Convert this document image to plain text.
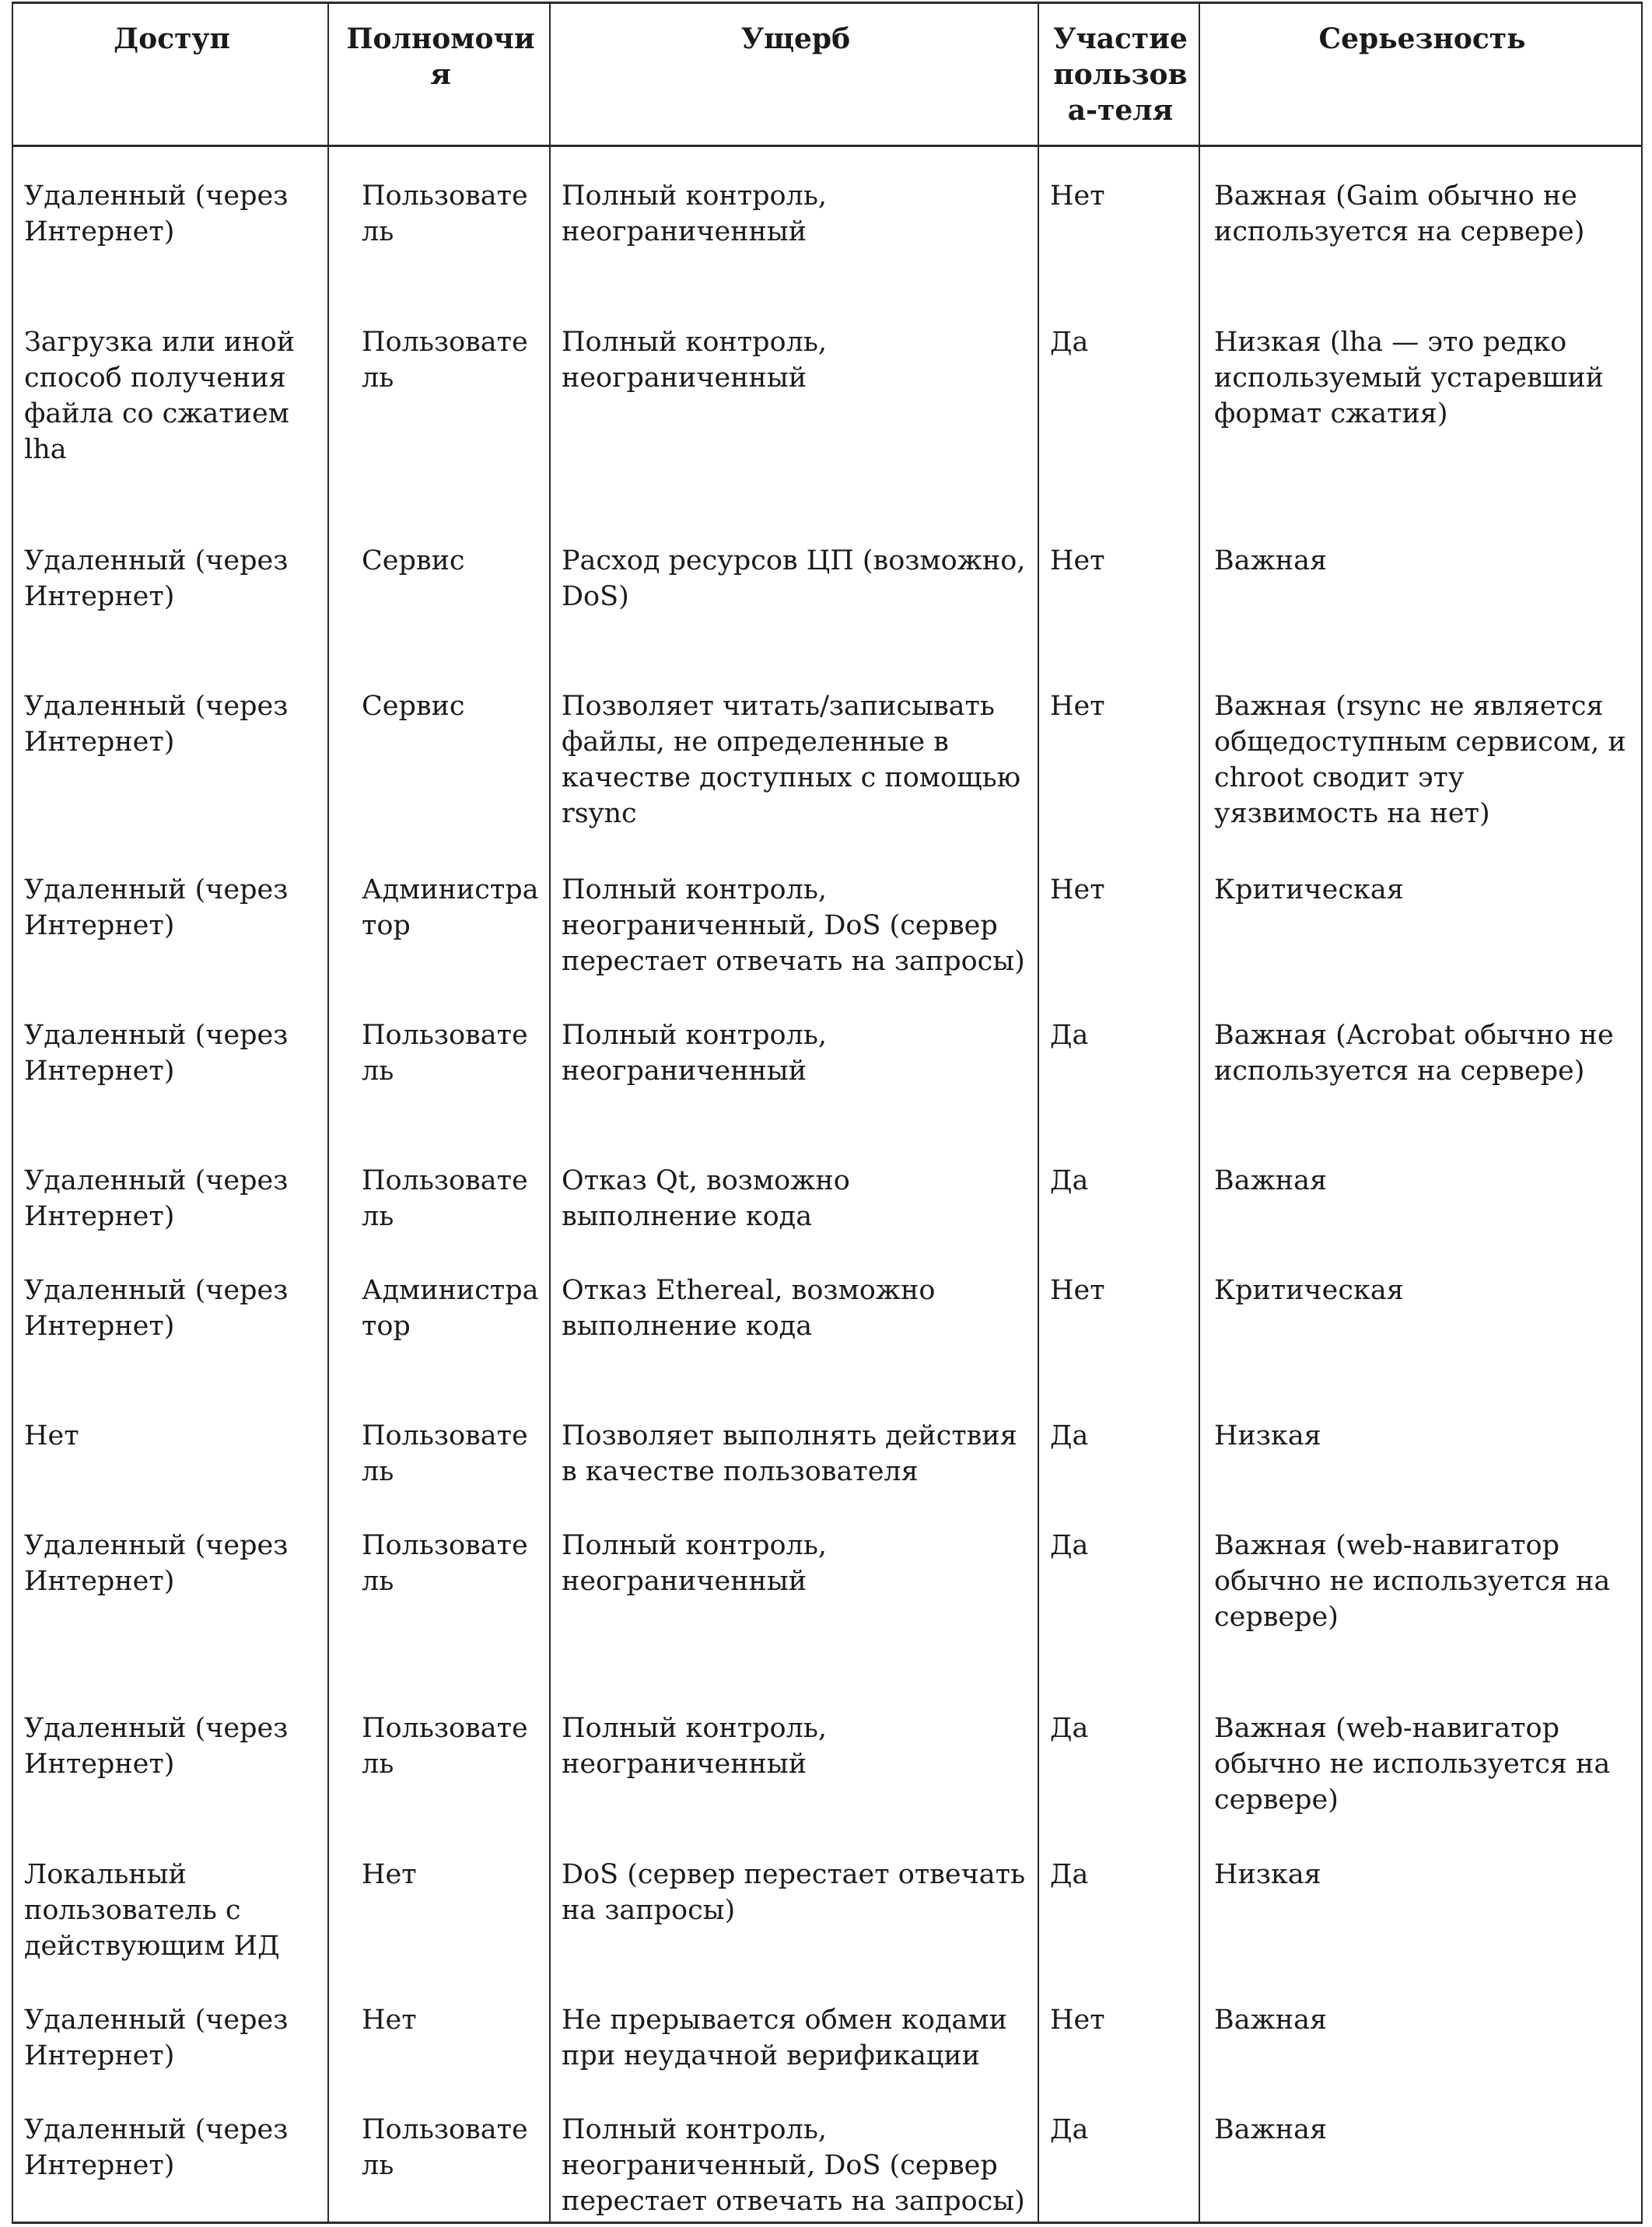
Доступ	Полномочия	Ущерб	Участие пользова-теля	Серьезность
Удаленный (через Интернет)	Пользователь	Полный контроль, неограниченный	Нет	Важная (Gaim обычно не используется на сервере)
Загрузка или иной способ получения файла со сжатием lha	Пользователь	Полный контроль, неограниченный	Да	Низкая (lha — это редко используемый устаревший формат сжатия)
Удаленный (через Интернет)	Сервис	Расход ресурсов ЦП (возможно, DoS)	Нет	Важная
Удаленный (через Интернет)	Сервис	Позволяет читать/записывать файлы, не определенные в качестве доступных с помощью rsync	Нет	Важная (rsync не является общедоступным сервисом, и chroot сводит эту уязвимость на нет)
Удаленный (через Интернет)	Администратор	Полный контроль, неограниченный, DoS (сервер перестает отвечать на запросы)	Нет	Критическая
Удаленный (через Интернет)	Пользователь	Полный контроль, неограниченный	Да	Важная (Acrobat обычно не используется на сервере)
Удаленный (через Интернет)	Пользователь	Отказ Qt, возможно выполнение кода	Да	Важная
Удаленный (через Интернет)	Администратор	Отказ Ethereal, возможно выполнение кода	Нет	Критическая
Нет	Пользователь	Позволяет выполнять действия в качестве пользователя	Да	Низкая
Удаленный (через Интернет)	Пользователь	Полный контроль, неограниченный	Да	Важная (web-навигатор обычно не используется на сервере)
Удаленный (через Интернет)	Пользователь	Полный контроль, неограниченный	Да	Важная (web-навигатор обычно не используется на сервере)
Локальный пользователь с действующим ИД	Нет	DoS (сервер перестает отвечать на запросы)	Да	Низкая
Удаленный (через Интернет)	Нет	Не прерывается обмен кодами при неудачной верификации	Нет	Важная
Удаленный (через Интернет)	Пользователь	Полный контроль, неограниченный, DoS (сервер перестает отвечать на запросы)	Да	Важная
